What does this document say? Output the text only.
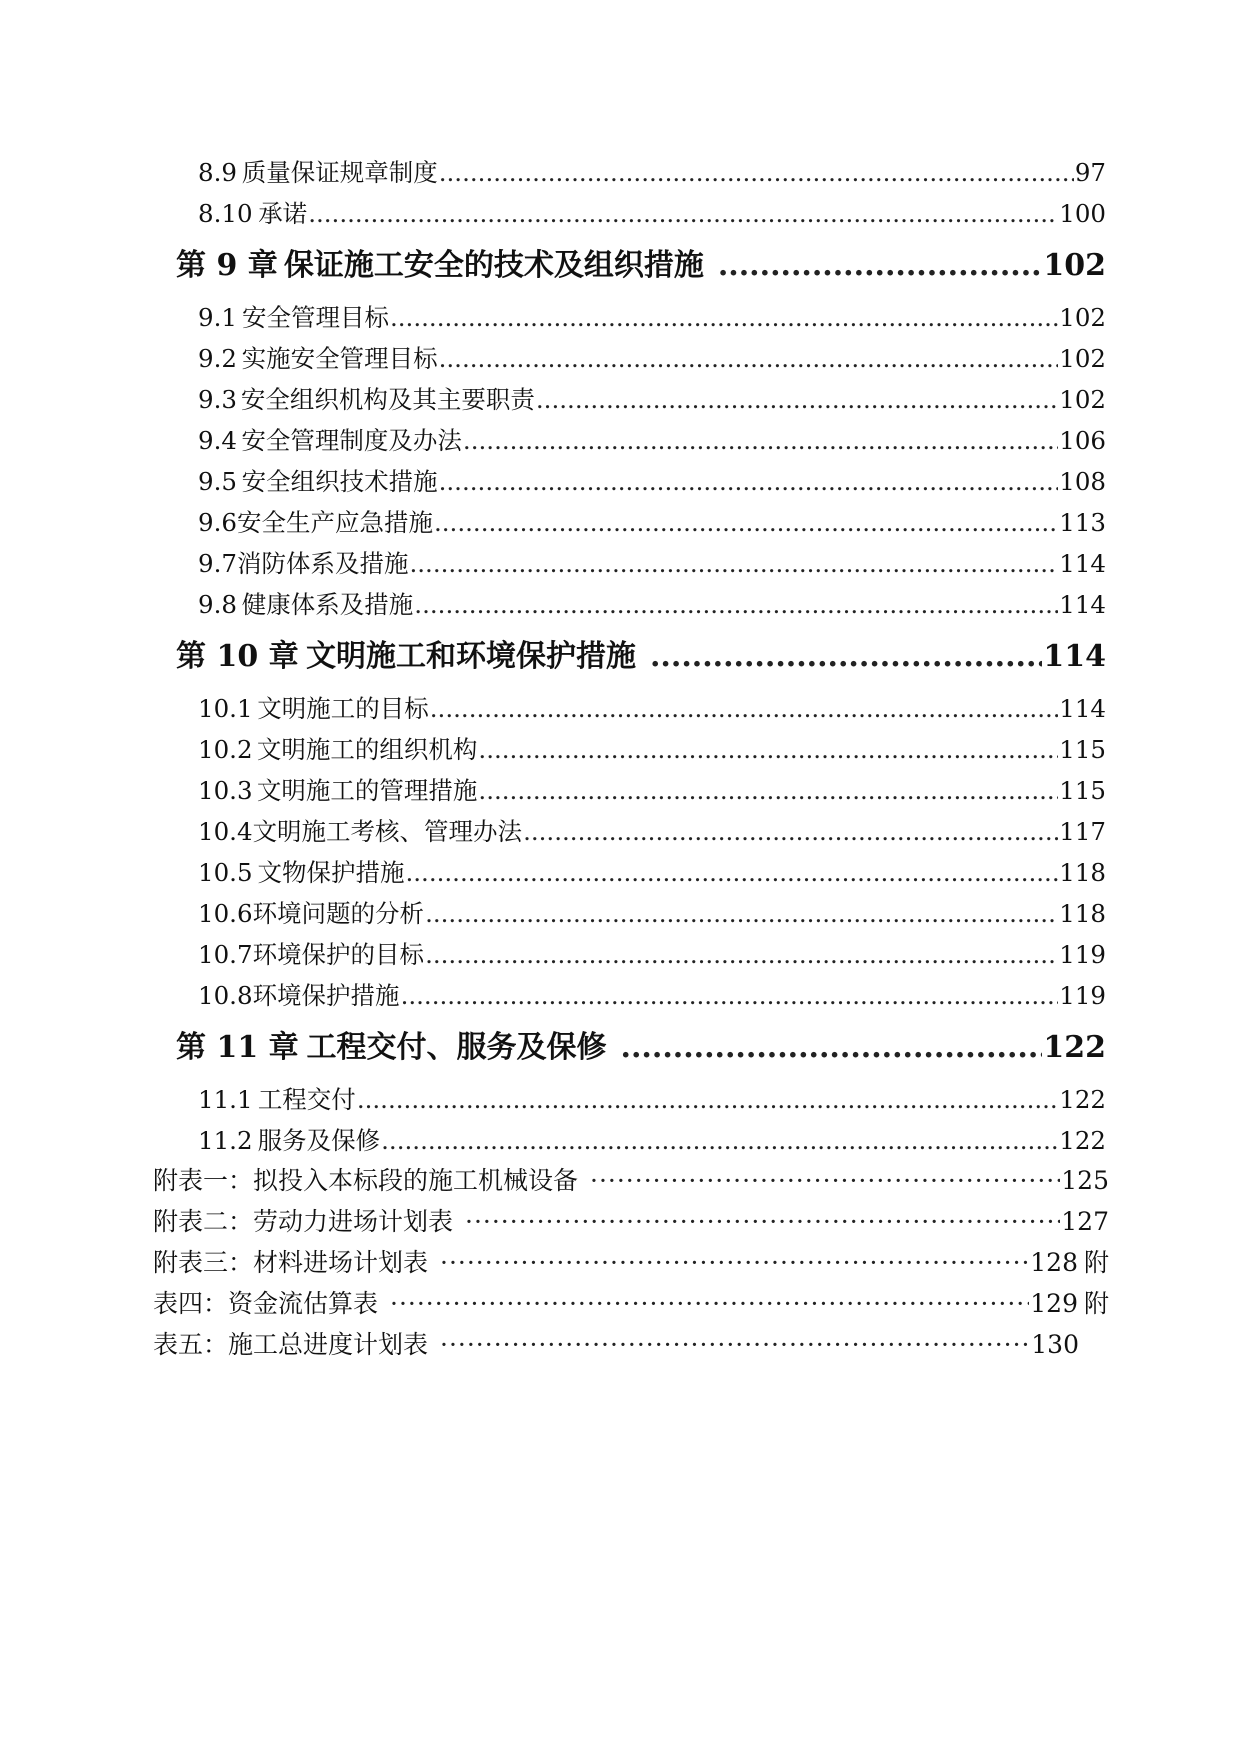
8.9 质量保证规章制度 .....	97
8.10 承诺 .....	100
第 9 章 保证施工安全的技术及组织措施 .....	102
9.1 安全管理目标 .....	102
9.2 实施安全管理目标 .....	102
9.3 安全组织机构及其主要职责 .....	102
9.4 安全管理制度及办法 .....	106
9.5 安全组织技术措施 .....	108
9.6 安全生产应急措施 .....	113
9.7 消防体系及措施 .....	114
9.8 健康体系及措施 .....	114
第 10 章 文明施工和环境保护措施 .....	114
10.1 文明施工的目标 .....	114
10.2 文明施工的组织机构 .....	115
10.3 文明施工的管理措施 .....	115
10.4 文明施工考核、管理办法 .....	117
10.5 文物保护措施 .....	118
10.6 环境问题的分析 .....	118
10.7 环境保护的目标 .....	119
10.8 环境保护措施 .....	119
第 11 章 工程交付、服务及保修 .....	122
11.1 工程交付 .....	122
11.2 服务及保修 .....	122
附表一：拟投入本标段的施工机械设备 ·····	125
附表二：劳动力进场计划表 ·····	127
附表三：材料进场计划表 ·····	128 附
表四：资金流估算表 ·····	129 附
表五：施工总进度计划表 ·····	130
